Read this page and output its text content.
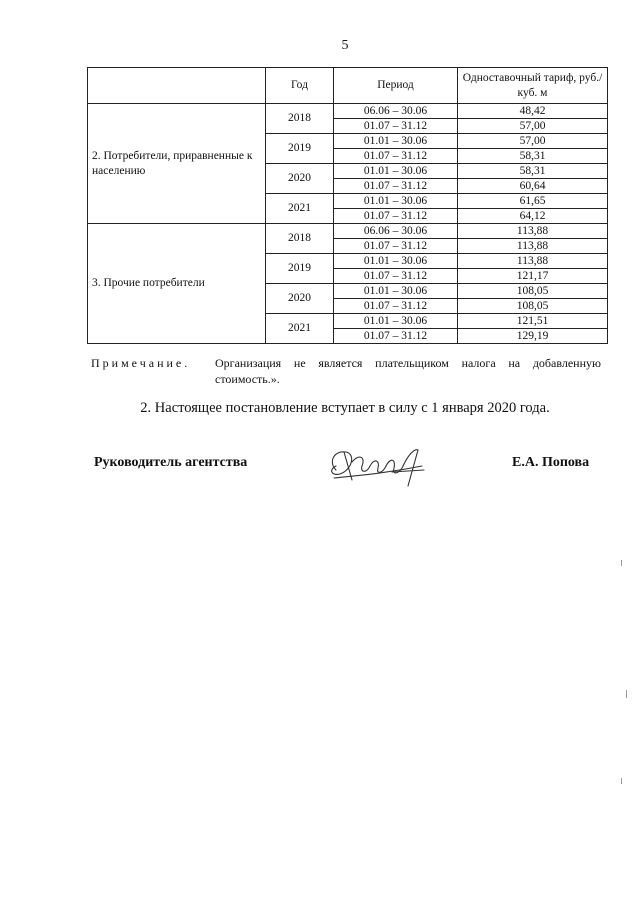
5
	Год	Период	Одноставочный тариф, руб./куб. м
2. Потребители, приравненные к населению	2018	06.06 – 30.06	48,42
		01.07 – 31.12	57,00
	2019	01.01 – 30.06	57,00
		01.07 – 31.12	58,31
	2020	01.01 – 30.06	58,31
		01.07 – 31.12	60,64
	2021	01.01 – 30.06	61,65
		01.07 – 31.12	64,12
3. Прочие потребители	2018	06.06 – 30.06	113,88
		01.07 – 31.12	113,88
	2019	01.01 – 30.06	113,88
		01.07 – 31.12	121,17
	2020	01.01 – 30.06	108,05
		01.07 – 31.12	108,05
	2021	01.01 – 30.06	121,51
		01.07 – 31.12	129,19
Примечание. Организация не является плательщиком налога на добавленную стоимость.».
2. Настоящее постановление вступает в силу с 1 января 2020 года.
Руководитель агентства	Е.А. Попова
